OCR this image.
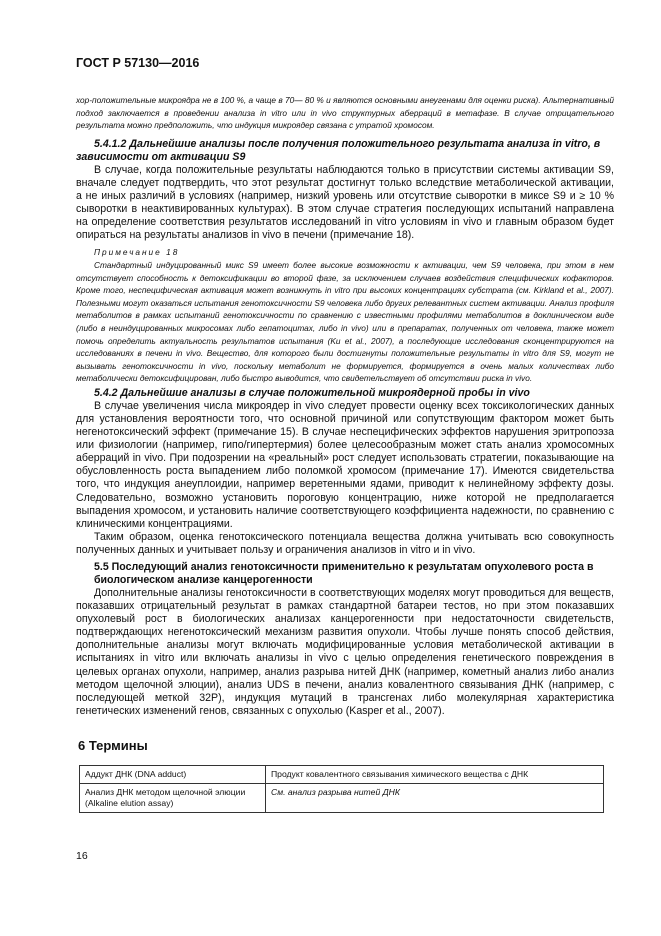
ГОСТ Р 57130—2016

хор-положительные микроядра не в 100 %, а чаще в 70— 80 % и являются основными анеугенами для оценки риска). Альтернативный подход заключается в проведении анализа in vitro или in vivo структурных аберраций в метафазе. В случае отрицательного результата можно предположить, что индукция микроядер связана с утратой хромосом.

5.4.1.2 Дальнейшие анализы после получения положительного результата анализа in vitro, в зависимости от активации S9

В случае, когда положительные результаты наблюдаются только в присутствии системы активации S9, вначале следует подтвердить, что этот результат достигнут только вследствие метаболической активации, а не иных различий в условиях (например, низкий уровень или отсутствие сыворотки в миксе S9 и ≥ 10 % сыворотки в неактивированных культурах). В этом случае стратегия последующих испытаний направлена на определение соответствия результатов исследований in vitro условиям in vivo и главным образом будет опираться на результаты анализов in vivo в печени (примечание 18).

Примечание 18

Стандартный индуцированный микс S9 имеет более высокие возможности к активации, чем S9 человека, при этом в нем отсутствует способность к детоксификации во второй фазе, за исключением случаев воздействия специфических кофакторов. Кроме того, неспецифическая активация может возникнуть in vitro при высоких концентрациях субстрата (см. Kirkland et al., 2007). Полезными могут оказаться испытания генотоксичности S9 человека либо других релевантных систем активации. Анализ профиля метаболитов в рамках испытаний генотоксичности по сравнению с известными профилями метаболитов в доклиническом виде (либо в неиндуцированных микросомах либо гепатоцитах, либо in vivo) или в препаратах, полученных от человека, также может помочь определить актуальность результатов испытания (Ku et al., 2007), а последующие исследования сконцентрируются на исследованиях в печени in vivo. Вещество, для которого были достигнуты положительные результаты in vitro для S9, могут не вызывать генотоксичности in vivo, поскольку метаболит не формируется, формируется в очень малых количествах либо метаболически детоксифицирован, либо быстро выводится, что свидетельствует об отсутствии риска in vivo.

5.4.2 Дальнейшие анализы в случае положительной микроядерной пробы in vivo

В случае увеличения числа микроядер in vivo следует провести оценку всех токсикологических данных для установления вероятности того, что основной причиной или сопутствующим фактором может быть негенотоксический эффект (примечание 15). В случае неспецифических эффектов нарушения эритропоэза или физиологии (например, гипо/гипертермия) более целесообразным может стать анализ хромосомных аберраций in vivo. При подозрении на «реальный» рост следует использовать стратегии, показывающие на обусловленность роста выпадением либо поломкой хромосом (примечание 17). Имеются свидетельства того, что индукция анеуплоидии, например веретенными ядами, приводит к нелинейному эффекту дозы. Следовательно, возможно установить пороговую концентрацию, ниже которой не предполагается выпадения хромосом, и установить наличие соответствующего коэффициента надежности, по сравнению с клиническими концентрациями.

Таким образом, оценка генотоксического потенциала вещества должна учитывать всю совокупность полученных данных и учитывает пользу и ограничения анализов in vitro и in vivo.

5.5 Последующий анализ генотоксичности применительно к результатам опухолевого роста в биологическом анализе канцерогенности

Дополнительные анализы генотоксичности в соответствующих моделях могут проводиться для веществ, показавших отрицательный результат в рамках стандартной батареи тестов, но при этом показавших опухолевый рост в биологических анализах канцерогенности при недостаточности свидетельств, подтверждающих негенотоксический механизм развития опухоли. Чтобы лучше понять способ действия, дополнительные анализы могут включать модифицированные условия метаболической активации в испытаниях in vitro или включать анализы in vivo с целью определения генетического повреждения в целевых органах опухоли, например, анализ разрыва нитей ДНК (например, кометный анализ либо анализ методом щелочной элюции), анализ UDS в печени, анализ ковалентного связывания ДНК (например, с последующей меткой 32P), индукция мутаций в трансгенах либо молекулярная характеристика генетических изменений генов, связанных с опухолью (Kasper et al., 2007).

6 Термины
Аддукт ДНК (DNA adduct)	Продукт ковалентного связывания химического вещества с ДНК
Анализ ДНК методом щелочной элюции (Alkaline elution assay)	См. анализ разрыва нитей ДНК
16
